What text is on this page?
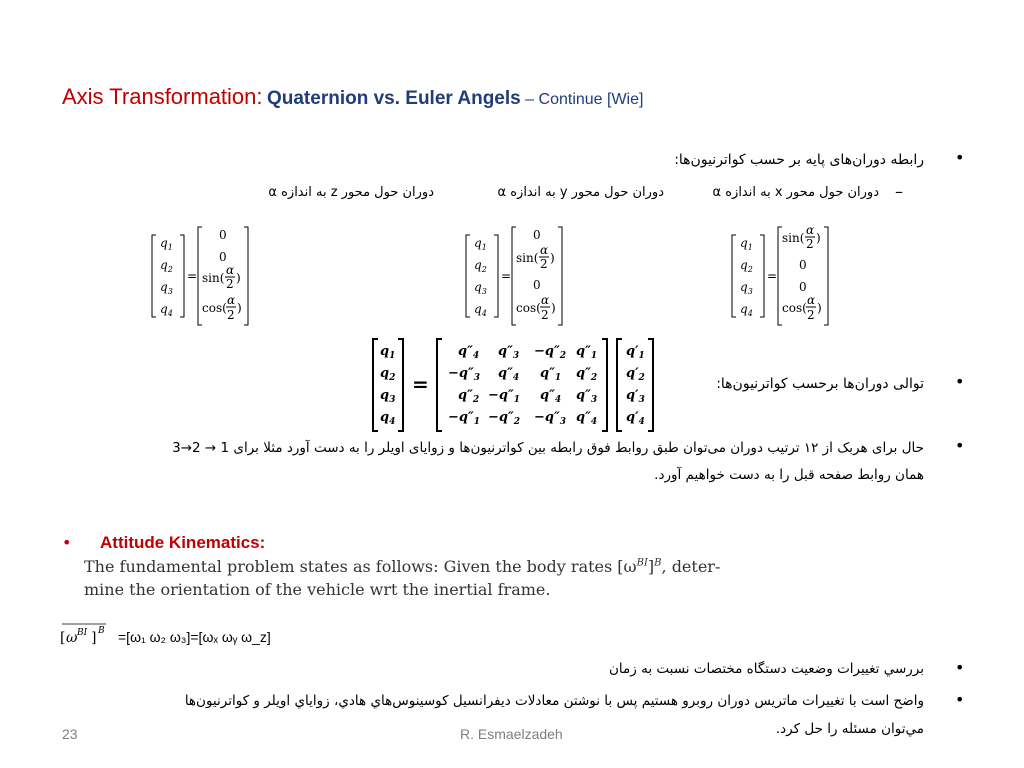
Axis Transformation: Quaternion vs. Euler Angels – Continue [Wie]
•
رابطه دوران‌های پایه بر حسب کواترنیون‌ها:
–
دوران حول محور x به اندازه α
دوران حول محور y به اندازه α
دوران حول محور z به اندازه α
$q_1$
$q_2$
$q_3$
$q_4$
=
0
0
sin(
α
2 )
cos(
α
2 )
$q_1$
$q_2$
$q_3$
$q_4$
=
0
sin(
α
2 )
0
cos(
α
2 )
$q_1$
$q_2$
$q_3$
$q_4$
=
sin(
α
2 )
0
0
cos(
α
2 )
$q_1$
$q_2$
$q_3$
$q_4$
=
$q''_4$ $q''_3 -q''_2$ $q''_1$
$-q''_3$ $q''_4$ $q''_1$ $q''_2$
$q''_2 -q''_1$ $q''_4$ $q''_3$
$-q''_1 -q''_2 -q''_3$ $q''_4$
$q'_1$
$q'_2$
$q'_3$
$q'_4$
•
توالی دوران‌ها برحسب کواترنیون‌ها:
•
حال برای هربک از ۱۲ ترتیب دوران می‌توان طبق روابط فوق رابطه بین کواترنیون‌ها و زوایای اویلر را به دست آورد مثلا برای 1 → 2→3
همان روابط صفحه قبل را به دست خواهیم آورد.
• Attitude Kinematics:
The fundamental problem states as follows: Given the body rates $[\omega^{BI}]^B$, deter-
mine the orientation of the vehicle wrt the inertial frame.
[ ω BI ] B =[ω₁ ω₂ ω₃]=[ωₓ ωᵧ ω_z]
•
بررسي تغييرات وضعيت دستگاه مختصات نسبت به زمان
•
واضح است با تغييرات ماتريس دوران روبرو هستيم پس با نوشتن معادلات ديفرانسيل کوسينوس‌هاي هادي، زواياي اويلر و کواترنيون‌ها
مي‌توان مسئله را حل کرد.
23	R. Esmaelzadeh
